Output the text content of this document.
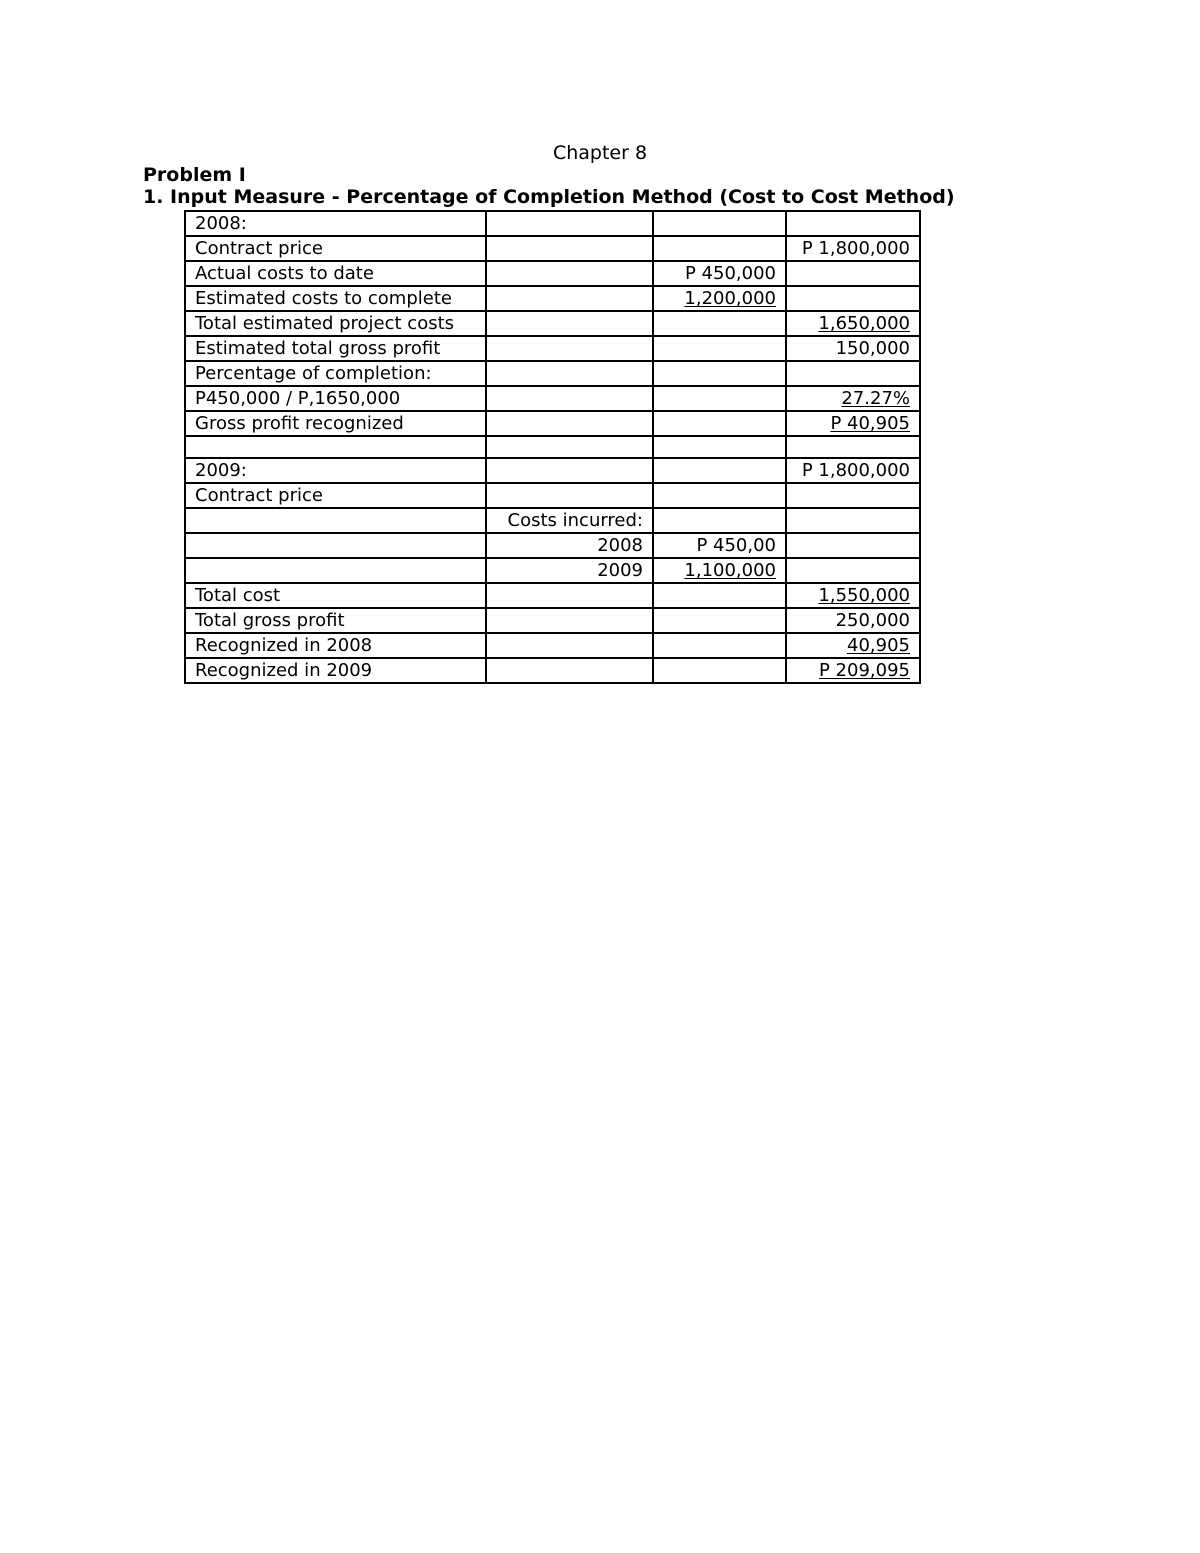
Chapter 8
Problem I
1. Input Measure - Percentage of Completion Method (Cost to Cost Method)
2008:			
Contract price			P 1,800,000
Actual costs to date		P 450,000	
Estimated costs to complete		1,200,000	
Total estimated project costs			1,650,000
Estimated total gross profit			150,000
Percentage of completion:			
P450,000 / P,1650,000			27.27%
Gross profit recognized			P 40,905

2009:			P 1,800,000
Contract price			
	Costs incurred:		
	2008	P 450,00	
	2009	1,100,000	
Total cost			1,550,000
Total gross profit			250,000
Recognized in 2008			40,905
Recognized in 2009			P 209,095
